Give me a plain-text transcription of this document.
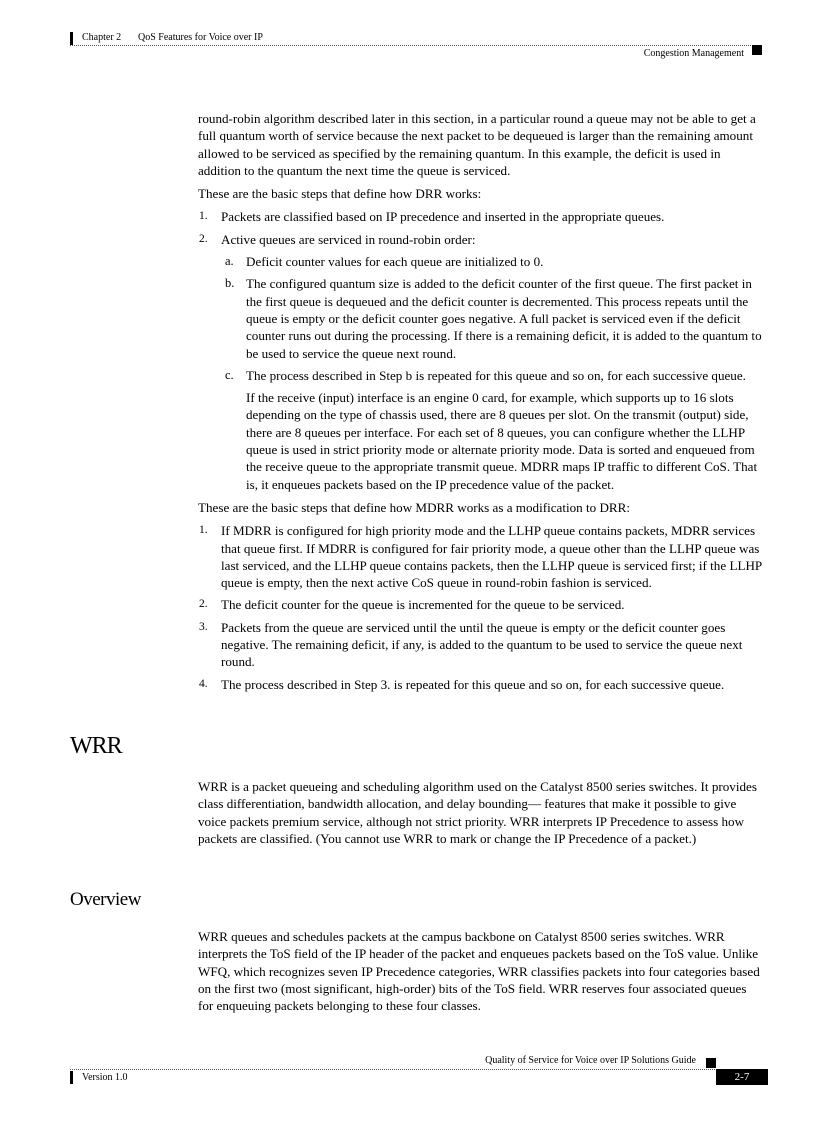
Chapter 2 QoS Features for Voice over IP
Congestion Management

round-robin algorithm described later in this section, in a particular round a queue may not be able to get a full quantum worth of service because the next packet to be dequeued is larger than the remaining amount allowed to be serviced as specified by the remaining quantum. In this example, the deficit is used in addition to the quantum the next time the queue is serviced.

These are the basic steps that define how DRR works:

1. Packets are classified based on IP precedence and inserted in the appropriate queues.
2. Active queues are serviced in round-robin order:
a. Deficit counter values for each queue are initialized to 0.
b. The configured quantum size is added to the deficit counter of the first queue. The first packet in the first queue is dequeued and the deficit counter is decremented. This process repeats until the queue is empty or the deficit counter goes negative. A full packet is serviced even if the deficit counter runs out during the processing. If there is a remaining deficit, it is added to the quantum to be used to service the queue next round.
c. The process described in Step b is repeated for this queue and so on, for each successive queue.

If the receive (input) interface is an engine 0 card, for example, which supports up to 16 slots depending on the type of chassis used, there are 8 queues per slot. On the transmit (output) side, there are 8 queues per interface. For each set of 8 queues, you can configure whether the LLHP queue is used in strict priority mode or alternate priority mode. Data is sorted and enqueued from the receive queue to the appropriate transmit queue. MDRR maps IP traffic to different CoS. That is, it enqueues packets based on the IP precedence value of the packet.

These are the basic steps that define how MDRR works as a modification to DRR:

1. If MDRR is configured for high priority mode and the LLHP queue contains packets, MDRR services that queue first. If MDRR is configured for fair priority mode, a queue other than the LLHP queue was last serviced, and the LLHP queue contains packets, then the LLHP queue is serviced first; if the LLHP queue is empty, then the next active CoS queue in round-robin fashion is serviced.
2. The deficit counter for the queue is incremented for the queue to be serviced.
3. Packets from the queue are serviced until the until the queue is empty or the deficit counter goes negative. The remaining deficit, if any, is added to the quantum to be used to service the queue next round.
4. The process described in Step 3. is repeated for this queue and so on, for each successive queue.
WRR

WRR is a packet queueing and scheduling algorithm used on the Catalyst 8500 series switches. It provides class differentiation, bandwidth allocation, and delay bounding— features that make it possible to give voice packets premium service, although not strict priority. WRR interprets IP Precedence to assess how packets are classified. (You cannot use WRR to mark or change the IP Precedence of a packet.)

Overview

WRR queues and schedules packets at the campus backbone on Catalyst 8500 series switches. WRR interprets the ToS field of the IP header of the packet and enqueues packets based on the ToS value. Unlike WFQ, which recognizes seven IP Precedence categories, WRR classifies packets into four categories based on the first two (most significant, high-order) bits of the ToS field. WRR reserves four associated queues for enqueuing packets belonging to these four classes.

Quality of Service for Voice over IP Solutions Guide
Version 1.0	2-7
